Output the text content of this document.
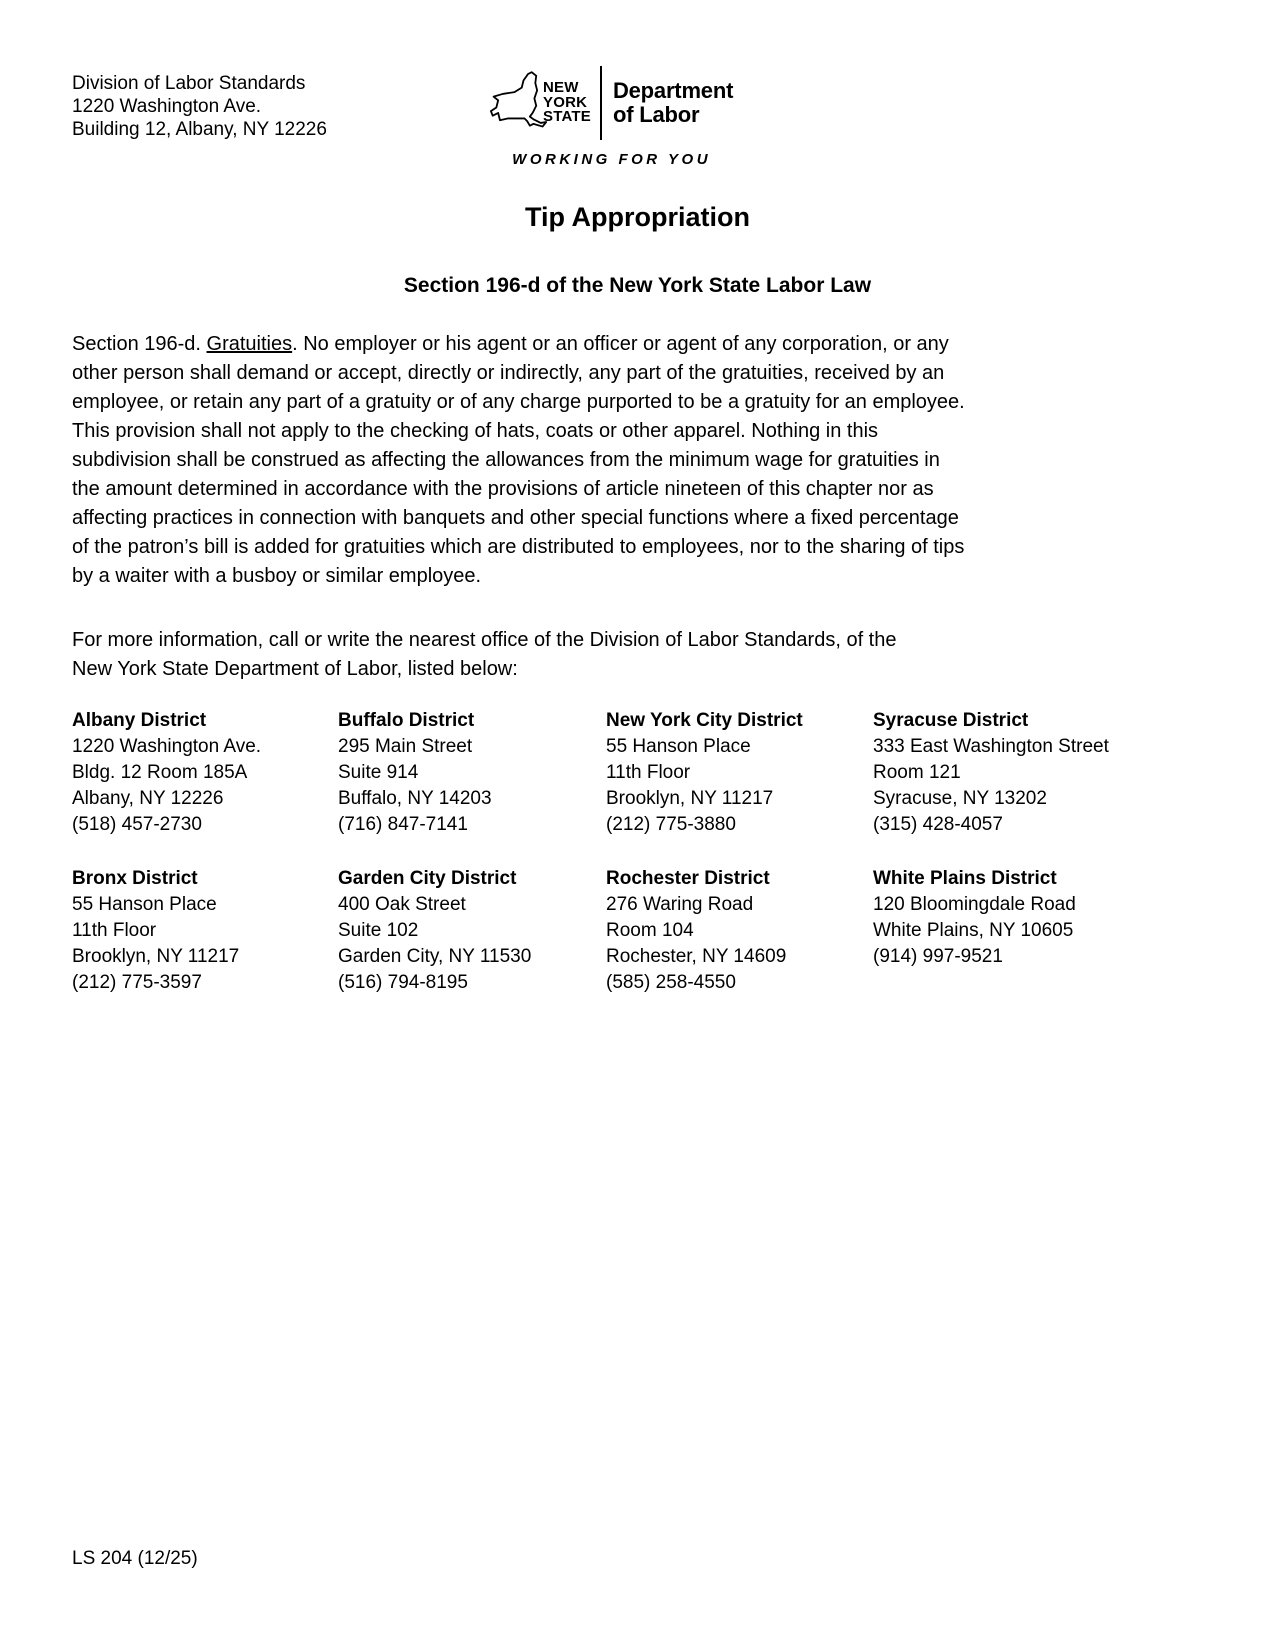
Division of Labor Standards
1220 Washington Ave.
Building 12, Albany, NY 12226
NEW
YORK
STATE
Department
of Labor
WORKING FOR YOU
Tip Appropriation
Section 196-d of the New York State Labor Law
Section 196-d. Gratuities. No employer or his agent or an officer or agent of any corporation, or any
other person shall demand or accept, directly or indirectly, any part of the gratuities, received by an
employee, or retain any part of a gratuity or of any charge purported to be a gratuity for an employee.
This provision shall not apply to the checking of hats, coats or other apparel. Nothing in this
subdivision shall be construed as affecting the allowances from the minimum wage for gratuities in
the amount determined in accordance with the provisions of article nineteen of this chapter nor as
affecting practices in connection with banquets and other special functions where a fixed percentage
of the patron’s bill is added for gratuities which are distributed to employees, nor to the sharing of tips
by a waiter with a busboy or similar employee.
For more information, call or write the nearest office of the Division of Labor Standards, of the
New York State Department of Labor, listed below:
Albany District
1220 Washington Ave.
Bldg. 12 Room 185A
Albany, NY 12226
(518) 457-2730
Buffalo District
295 Main Street
Suite 914
Buffalo, NY 14203
(716) 847-7141
New York City District
55 Hanson Place
11th Floor
Brooklyn, NY 11217
(212) 775-3880
Syracuse District
333 East Washington Street
Room 121
Syracuse, NY 13202
(315) 428-4057
Bronx District
55 Hanson Place
11th Floor
Brooklyn, NY 11217
(212) 775-3597
Garden City District
400 Oak Street
Suite 102
Garden City, NY 11530
(516) 794-8195
Rochester District
276 Waring Road
Room 104
Rochester, NY 14609
(585) 258-4550
White Plains District
120 Bloomingdale Road
White Plains, NY 10605
(914) 997-9521
LS 204 (12/25)
